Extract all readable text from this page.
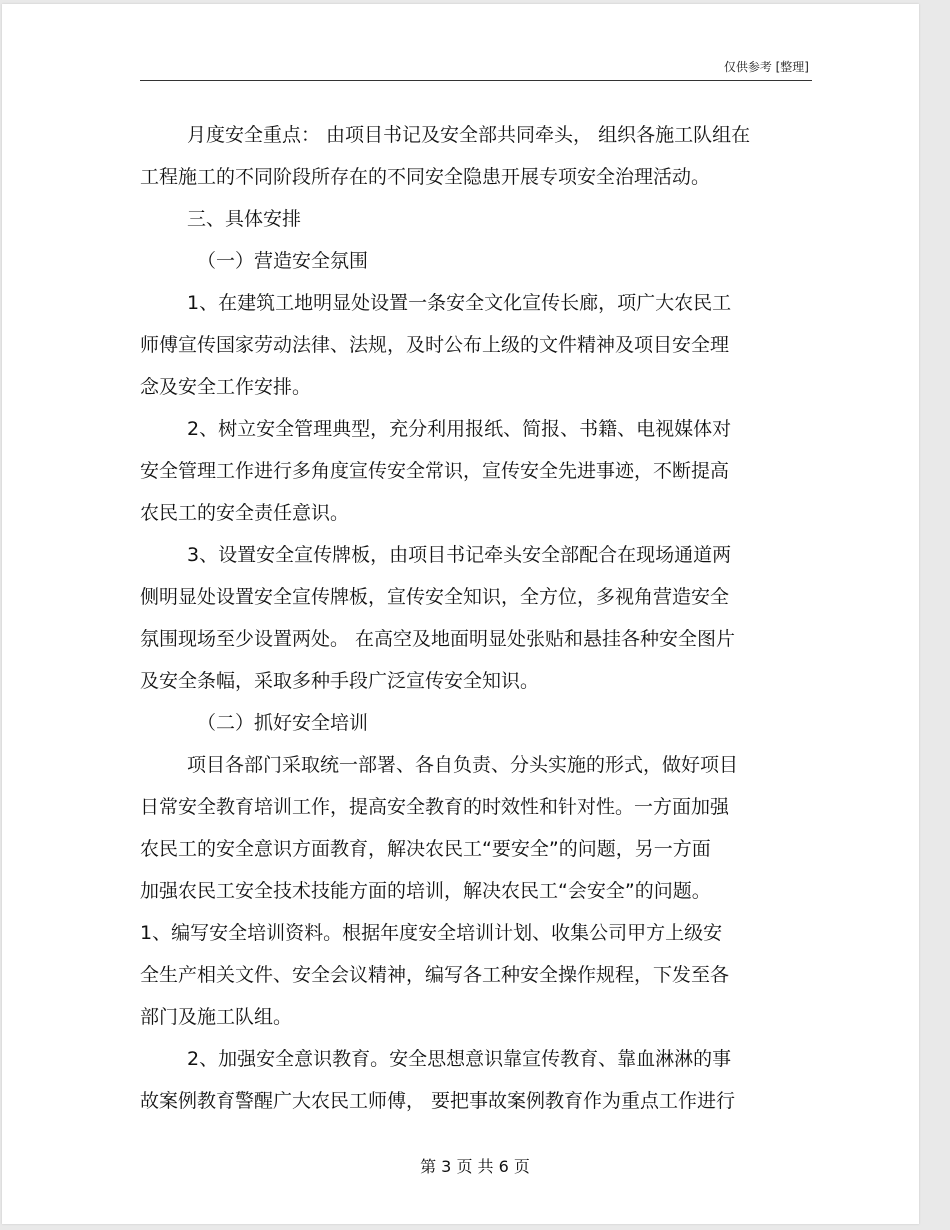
仅供参考 [整理]
月度安全重点： 由项目书记及安全部共同牵头， 组织各施工队组在
工程施工的不同阶段所存在的不同安全隐患开展专项安全治理活动。
三、具体安排
（一）营造安全氛围
1、在建筑工地明显处设置一条安全文化宣传长廊，项广大农民工
师傅宣传国家劳动法律、法规，及时公布上级的文件精神及项目安全理
念及安全工作安排。
2、树立安全管理典型，充分利用报纸、简报、书籍、电视媒体对
安全管理工作进行多角度宣传安全常识，宣传安全先进事迹，不断提高
农民工的安全责任意识。
3、设置安全宣传牌板，由项目书记牵头安全部配合在现场通道两
侧明显处设置安全宣传牌板，宣传安全知识，全方位，多视角营造安全
氛围现场至少设置两处。 在高空及地面明显处张贴和悬挂各种安全图片
及安全条幅，采取多种手段广泛宣传安全知识。
（二）抓好安全培训
项目各部门采取统一部署、各自负责、分头实施的形式，做好项目
日常安全教育培训工作，提高安全教育的时效性和针对性。一方面加强
农民工的安全意识方面教育，解决农民工“要安全”的问题，另一方面
加强农民工安全技术技能方面的培训，解决农民工“会安全”的问题。
1、编写安全培训资料。根据年度安全培训计划、收集公司甲方上级安
全生产相关文件、安全会议精神，编写各工种安全操作规程，下发至各
部门及施工队组。
2、加强安全意识教育。安全思想意识靠宣传教育、靠血淋淋的事
故案例教育警醒广大农民工师傅， 要把事故案例教育作为重点工作进行
第 3 页 共 6 页
